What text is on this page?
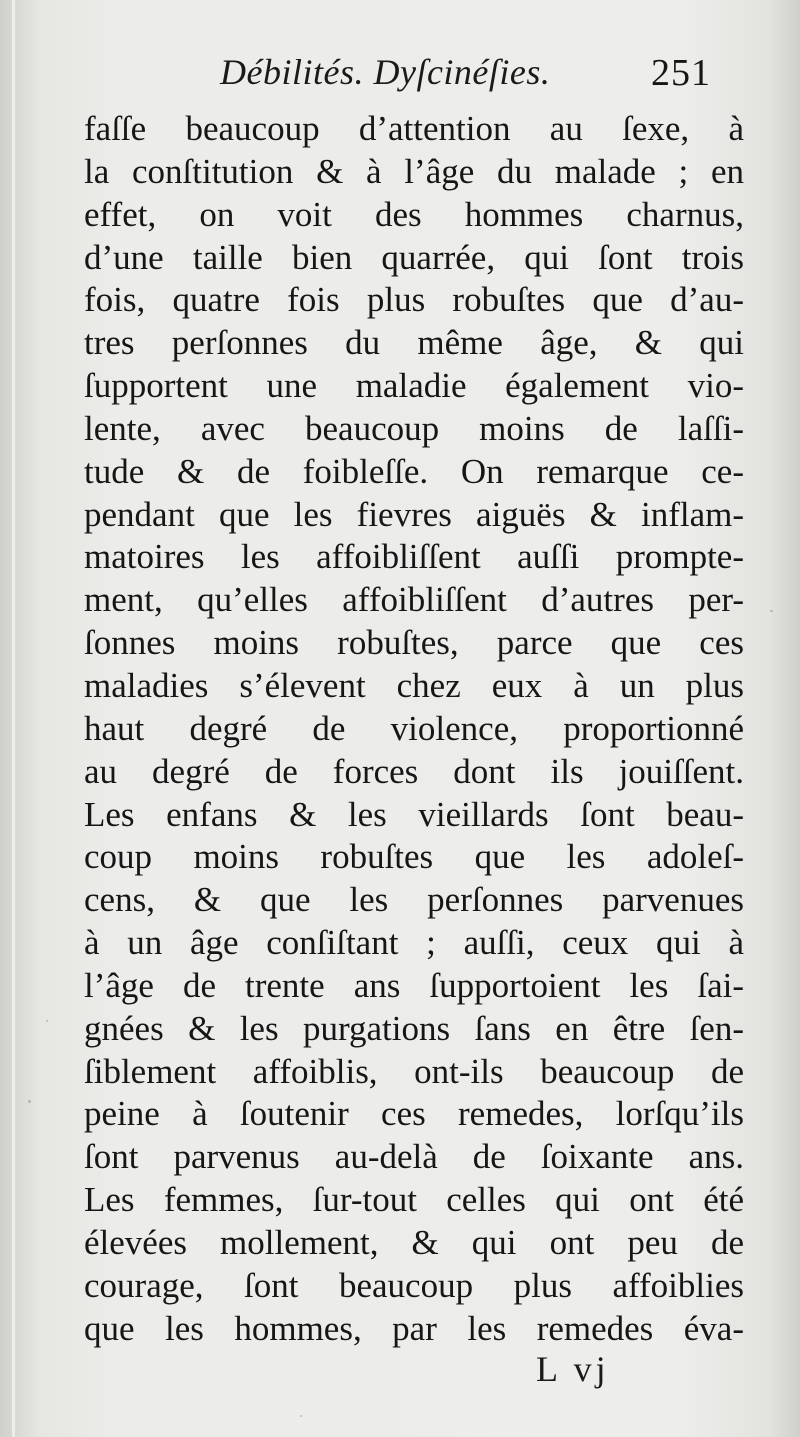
Débilités. Dyſcinéſies.	251
faſſe beaucoup d’attention au ſexe, à
la conſtitution & à l’âge du malade ; en
effet, on voit des hommes charnus,
d’une taille bien quarrée, qui ſont trois
fois, quatre fois plus robuſtes que d’au-
tres perſonnes du même âge, & qui
ſupportent une maladie également vio-
lente, avec beaucoup moins de laſſi-
tude & de foibleſſe. On remarque ce-
pendant que les fievres aiguës & inflam-
matoires les affoibliſſent auſſi prompte-
ment, qu’elles affoibliſſent d’autres per-
ſonnes moins robuſtes, parce que ces
maladies s’élevent chez eux à un plus
haut degré de violence, proportionné
au degré de forces dont ils jouiſſent.
Les enfans & les vieillards ſont beau-
coup moins robuſtes que les adoleſ-
cens, & que les perſonnes parvenues
à un âge conſiſtant ; auſſi, ceux qui à
l’âge de trente ans ſupportoient les ſai-
gnées & les purgations ſans en être ſen-
ſiblement affoiblis, ont-ils beaucoup de
peine à ſoutenir ces remedes, lorſqu’ils
ſont parvenus au-delà de ſoixante ans.
Les femmes, ſur-tout celles qui ont été
élevées mollement, & qui ont peu de
courage, ſont beaucoup plus affoiblies
que les hommes, par les remedes éva-
L vj
